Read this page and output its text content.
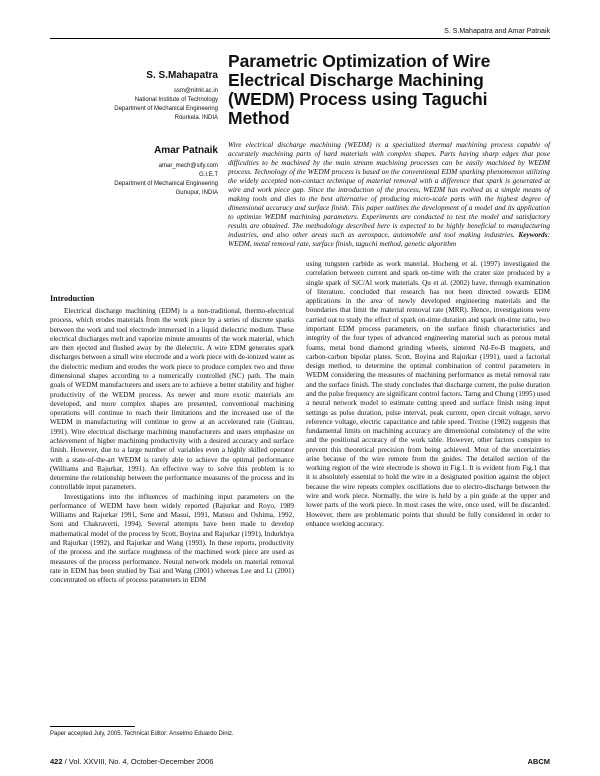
S. S.Mahapatra and Amar Patnaik
S. S.Mahapatra
ssm@nitrkl.ac.in
National Institute of Technology
Department of Mechanical Engineering
Rourkela. INDIA
Amar Patnaik
amar_mech@sify.com
G.I.E.T
Department of Mechanical Engineering
Gunupur, INDIA
Parametric Optimization of Wire Electrical Discharge Machining (WEDM) Process using Taguchi Method

Wire electrical discharge machining (WEDM) is a specialized thermal machining process capable of accurately machining parts of hard materials with complex shapes. Parts having sharp edges that pose difficulties to be machined by the main stream machining processes can be easily machined by WEDM process. Technology of the WEDM process is based on the conventional EDM sparking phenomenon utilizing the widely accepted non-contact technique of material removal with a difference that spark is generated at wire and work piece gap. Since the introduction of the process, WEDM has evolved as a simple means of making tools and dies to the best alternative of producing micro-scale parts with the highest degree of dimensional accuracy and surface finish. This paper outlines the development of a model and its application to optimize WEDM machining parameters. Experiments are conducted to test the model and satisfactory results are obtained. The methodology described here is expected to be highly beneficial to manufacturing industries, and also other areas such as aerospace, automobile and tool making industries. Keywords: WEDM, metal removal rate, surface finish, taguchi method, genetic algorithm

Introduction

Electrical discharge machining (EDM) is a non-traditional, thermo-electrical process, which erodes materials from the work piece by a series of discrete sparks between the work and tool electrode immersed in a liquid dielectric medium. These electrical discharges melt and vaporize minute amounts of the work material, which are then ejected and flushed away by the dielectric. A wire EDM generates spark discharges between a small wire electrode and a work piece with de-ionized water as the dielectric medium and erodes the work piece to produce complex two and three dimensional shapes according to a numerically controlled (NC) path. The main goals of WEDM manufacturers and users are to achieve a better stability and higher productivity of the WEDM process. As newer and more exotic materials are developed, and more complex shapes are presented, conventional machining operations will continue to reach their limitations and the increased use of the WEDM in manufacturing will continue to grow at an accelerated rate (Guitrau, 1991). Wire electrical discharge machining manufacturers and users emphasize on achievement of higher machining productivity with a desired accuracy and surface finish. However, due to a large number of variables even a highly skilled operator with a state-of-the-art WEDM is rarely able to achieve the optimal performance (Williams and Rajurkar, 1991). An effective way to solve this problem is to determine the relationship between the performance measures of the process and its controllable input parameters.

Investigations into the influences of machining input parameters on the performance of WEDM have been widely reported (Rajurkar and Royo, 1989 Williams and Rajurkar 1991, Sone and Masui, 1991, Matsuo and Oshima, 1992, Soni and Chakraverti, 1994). Several attempts have been made to develop mathematical model of the process by Scott, Boyina and Rajurkar (1991), Indurkhya and Rajurkar (1992), and Rajurkar and Wang (1993). In these reports, productivity of the process and the surface roughness of the machined work piece are used as measures of the process performance. Neural network models on material removal rate in EDM has been studied by Tsai and Wang (2001) whereas Lee and Li (2001) concentrated on effects of process parameters in EDM

using tungsten carbide as work material. Hocheng et al. (1997) investigated the correlation between current and spark on-time with the crater size produced by a single spark of SiC/Al work materials. Qu et al. (2002) have, through examination of literature, concluded that research has not been directed towards EDM applications in the area of newly developed engineering materials and the boundaries that limit the material removal rate (MRR). Hence, investigations were carried out to study the effect of spark on-time duration and spark on-time ratio, two important EDM process parameters, on the surface finish characteristics and integrity of the four types of advanced engineering material such as porous metal foams, metal bond diamond grinding wheels, sintered Nd-Fe-B magnets, and carbon-carbon bipolar plates. Scott, Boyina and Rajurkar (1991), used a factorial design method, to determine the optimal combination of control parameters in WEDM considering the measures of machining performance as metal removal rate and the surface finish. The study concludes that discharge current, the pulse duration and the pulse frequency are significant control factors. Tarng and Chung (1995) used a neural network model to estimate cutting speed and surface finish using input settings as pulse duration, pulse interval, peak current, open circuit voltage, servo reference voltage, electric capacitance and table speed. Trezise (1982) suggests that fundamental limits on machining accuracy are dimensional consistency of the wire and the positional accuracy of the work table. However, other factors conspire to prevent this theoretical precision from being achieved. Most of the uncertainties arise because of the wire remote from the guides. The detailed section of the working region of the wire electrode is shown in Fig.1. It is evident from Fig.1 that it is absolutely essential to hold the wire in a designated position against the object because the wire repeats complex oscillations due to electro-discharge between the wire and work piece. Normally, the wire is held by a pin guide at the upper and lower parts of the work piece. In most cases the wire, once used, will be discarded. However, there are problematic points that should be fully considered in order to enhance working accuracy.

Paper accepted July, 2005. Technical Editor: Anselmo Eduardo Diniz.
422 / Vol. XXVIII, No. 4, October-December 2006	ABCM
